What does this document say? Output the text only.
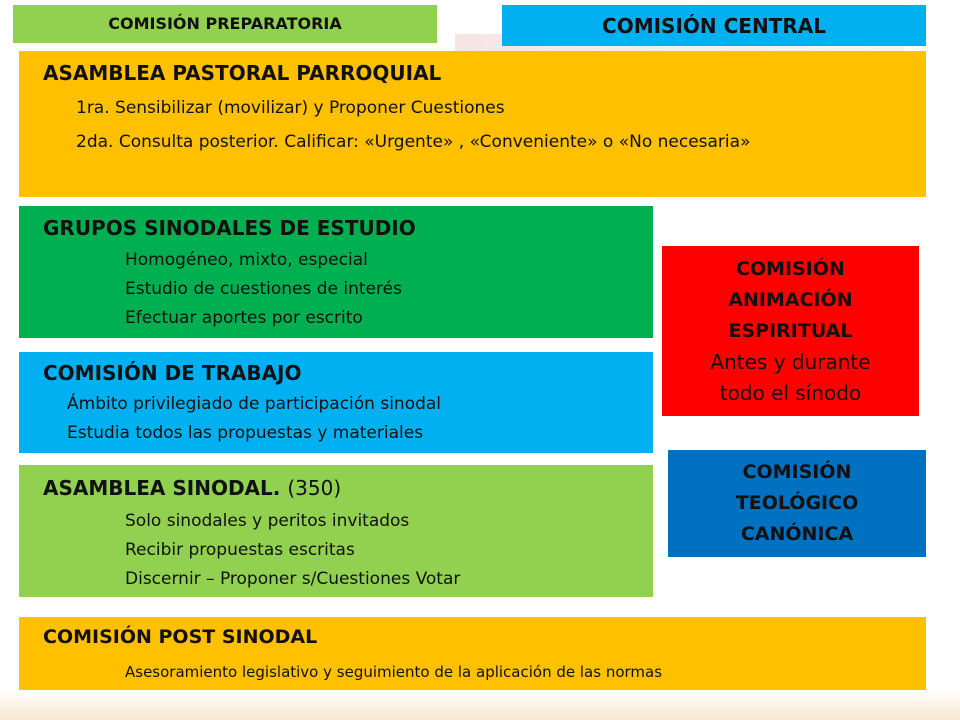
COMISIÓN PREPARATORIA	COMISIÓN CENTRAL
ASAMBLEA PASTORAL PARROQUIAL
1ra. Sensibilizar (movilizar) y Proponer Cuestiones
2da. Consulta posterior. Calificar: «Urgente» , «Conveniente» o «No necesaria»
GRUPOS SINODALES DE ESTUDIO
Homogéneo, mixto, especial
Estudio de cuestiones de interés
Efectuar aportes por escrito
COMISIÓN DE TRABAJO
Ámbito privilegiado de participación sinodal
Estudia todos las propuestas y materiales
ASAMBLEA SINODAL. (350)
Solo sinodales y peritos invitados
Recibir propuestas escritas
Discernir – Proponer s/Cuestiones Votar
COMISIÓN POST SINODAL
Asesoramiento legislativo y seguimiento de la aplicación de las normas
COMISIÓN
ANIMACIÓN
ESPIRITUAL
Antes y durante
todo el sínodo
COMISIÓN
TEOLÓGICO
CANÓNICA
